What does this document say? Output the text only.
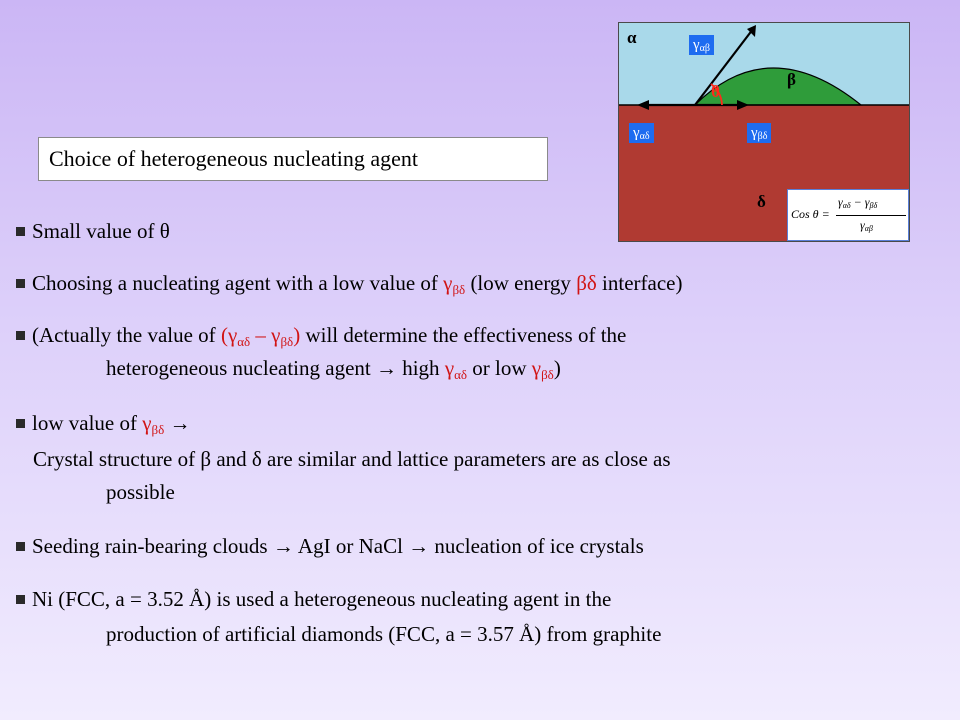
Choice of heterogeneous nucleating agent
α
β
δ
θ
$\gamma_{\alpha\beta}$
$\gamma_{\alpha\delta}$	$\gamma_{\beta\delta}$
Cos θ =
$\gamma_{\alpha\delta} - \gamma_{\beta\delta}$
$\gamma_{\alpha\beta}$
Small value of θ
Choosing a nucleating agent with a low value of $\gamma_{\beta\delta}$ (low energy βδ interface)
(Actually the value of $(\gamma_{\alpha\delta} - \gamma_{\beta\delta})$ will determine the effectiveness of the
heterogeneous nucleating agent → high $\gamma_{\alpha\delta}$ or low $\gamma_{\beta\delta}$)
low value of $\gamma_{\beta\delta}$ →
Crystal structure of β and δ are similar and lattice parameters are as close as
possible
Seeding rain-bearing clouds → AgI or NaCl → nucleation of ice crystals
Ni (FCC, a = 3.52 Å) is used a heterogeneous nucleating agent in the
production of artificial diamonds (FCC, a = 3.57 Å) from graphite
